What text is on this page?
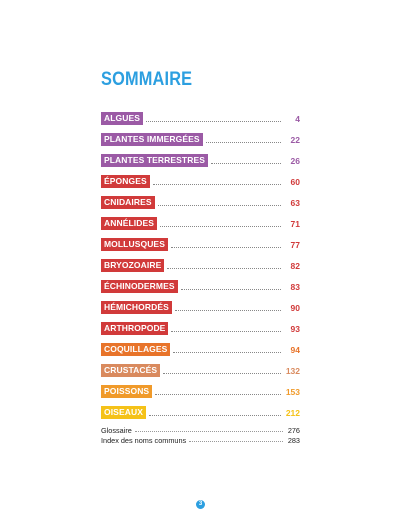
SOMMAIRE
ALGUES	4
PLANTES IMMERGÉES	22
PLANTES TERRESTRES	26
ÉPONGES	60
CNIDAIRES	63
ANNÉLIDES	71
MOLLUSQUES	77
BRYOZOAIRE	82
ÉCHINODERMES	83
HÉMICHORDÉS	90
ARTHROPODE	93
COQUILLAGES	94
CRUSTACÉS	132
POISSONS	153
OISEAUX	212
Glossaire	276
Index des noms communs	283
3
